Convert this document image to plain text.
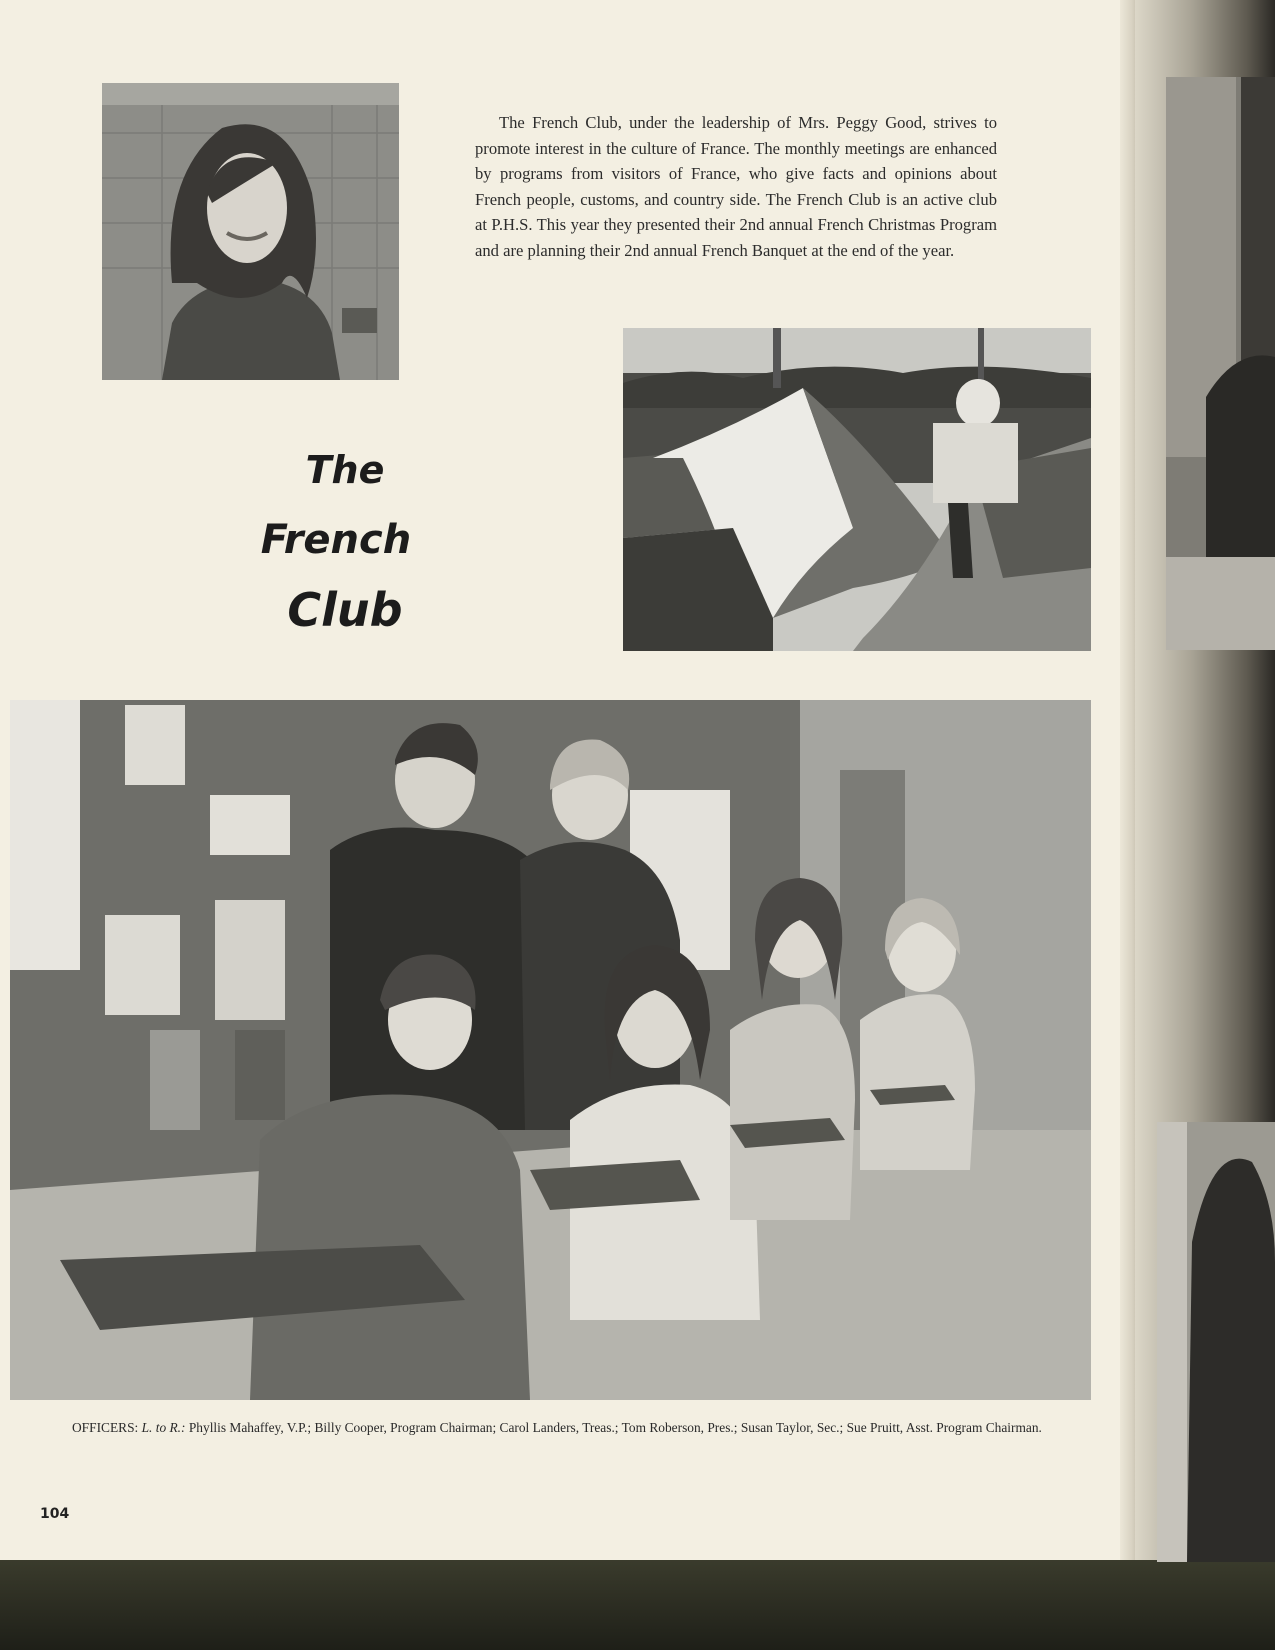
The French Club, under the leadership of Mrs. Peggy Good, strives to promote interest in the culture of France. The monthly meetings are enhanced by programs from visitors of France, who give facts and opinions about French people, customs, and country side. The French Club is an active club at P.H.S. This year they presented their 2nd annual French Christmas Program and are planning their 2nd annual French Banquet at the end of the year.

The
French
Club

OFFICERS: L. to R.: Phyllis Mahaffey, V.P.; Billy Cooper, Program Chairman; Carol Landers, Treas.; Tom Roberson, Pres.; Susan Taylor, Sec.; Sue Pruitt, Asst. Program Chairman.

104
